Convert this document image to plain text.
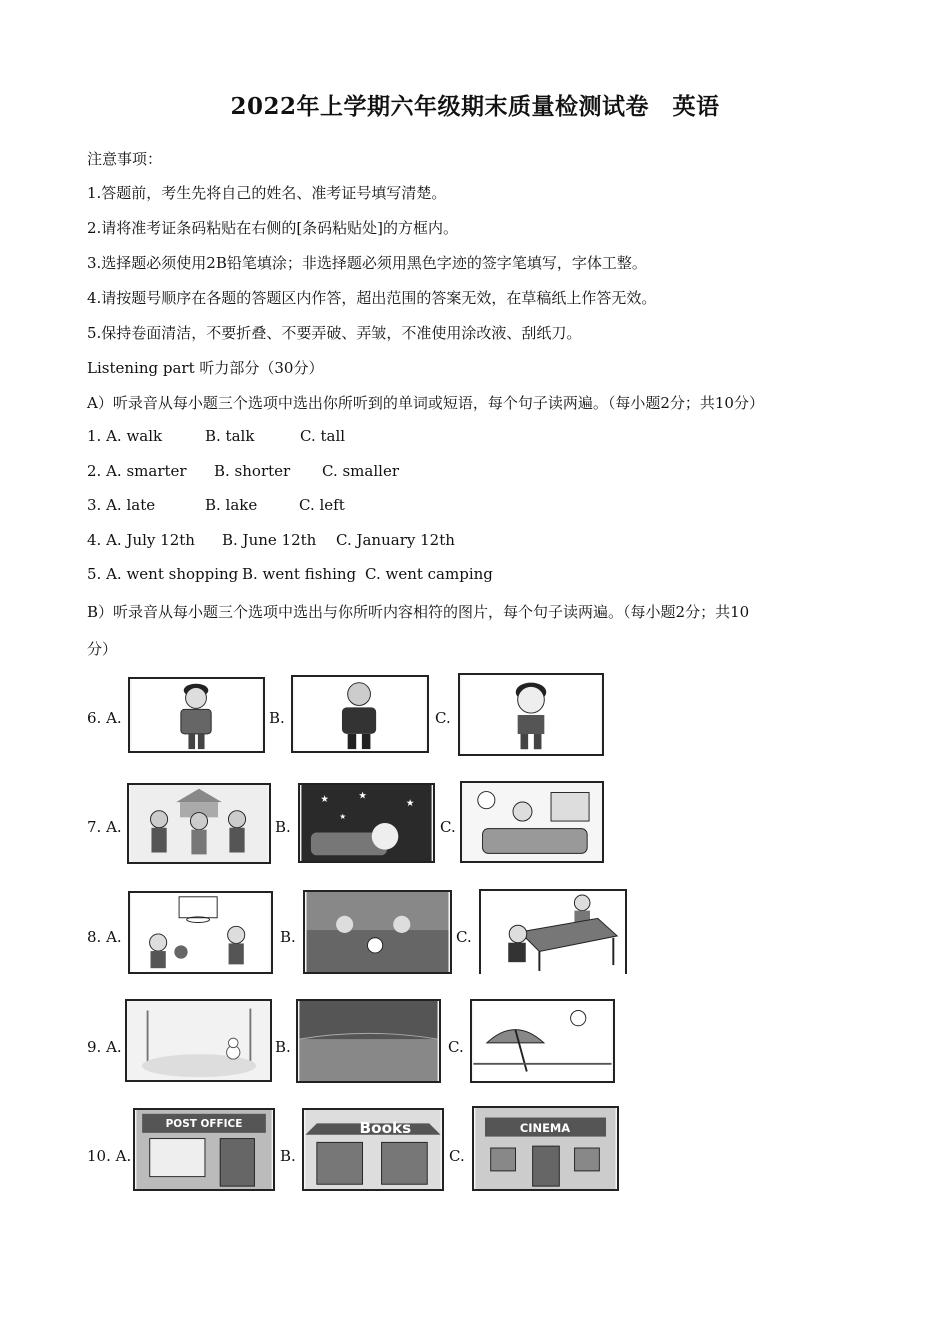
2022年上学期六年级期末质量检测试卷　英语
注意事项：
1.答题前，考生先将自己的姓名、准考证号填写清楚。
2.请将准考证条码粘贴在右侧的[条码粘贴处]的方框内。
3.选择题必须使用2B铅笔填涂；非选择题必须用黑色字迹的签字笔填写，字体工整。
4.请按题号顺序在各题的答题区内作答，超出范围的答案无效，在草稿纸上作答无效。
5.保持卷面清洁，不要折叠、不要弄破、弄皱，不准使用涂改液、刮纸刀。
Listening part 听力部分（30分）
A）听录音从每小题三个选项中选出你所听到的单词或短语，每个句子读两遍。（每小题2分；共10分）
1. A. walk	B. talk	C. tall
2. A. smarter B. shorter C. smaller
3. A. late	B. lake	C. left
4. A. July 12th B. June 12th C. January 12th
5. A. went shopping B. went fishing C. went camping
B）听录音从每小题三个选项中选出与你所听内容相符的图片，每个句子读两遍。（每小题2分；共10
分）
6. A.	B.	C.
7. A.	B.
★	★
★
★
C.
8. A.	B.	C.
9. A.	B.	C.
10. A.
POST OFFICE
B.
Books
C.
CINEMA
